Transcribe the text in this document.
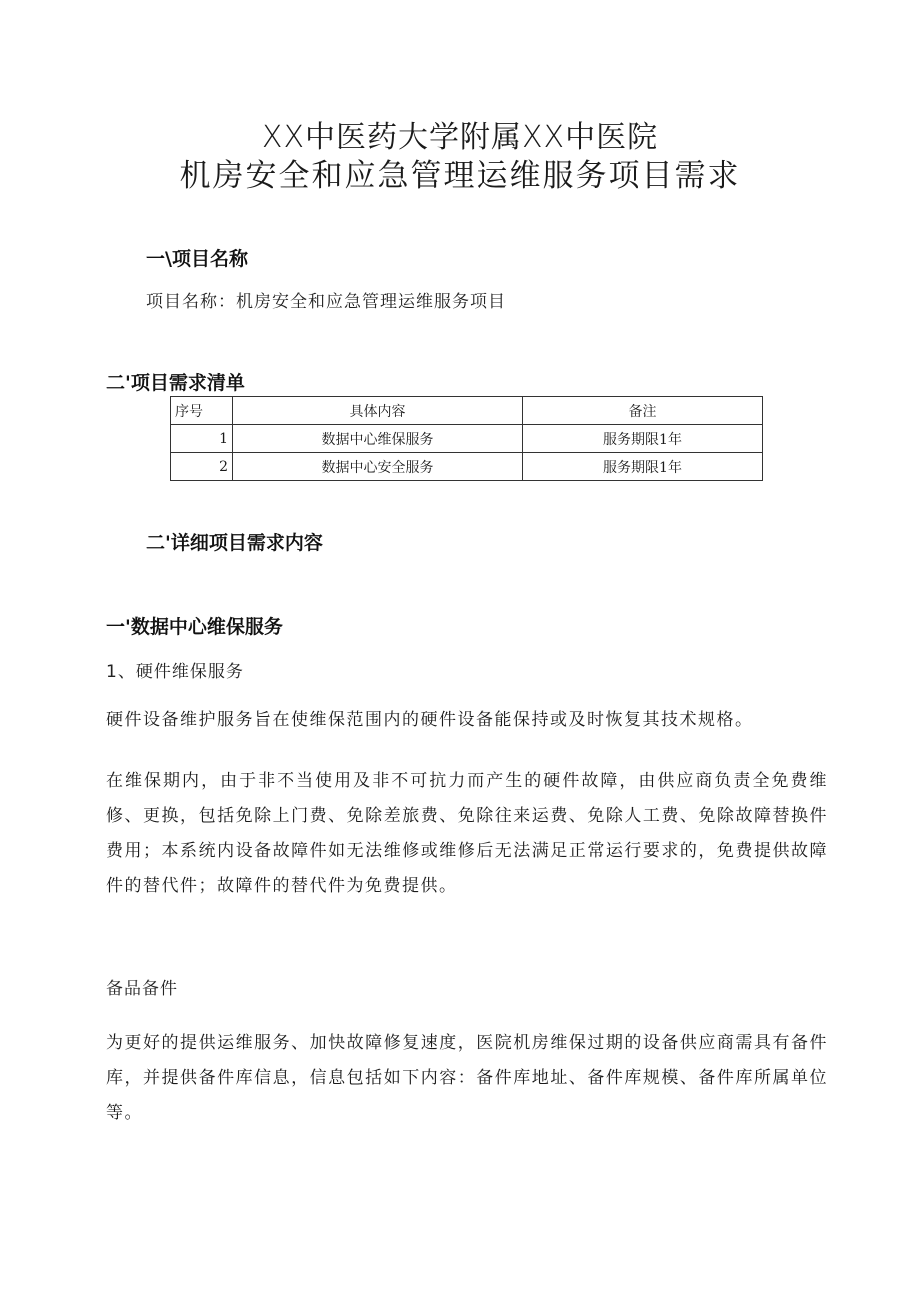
XX中医药大学附属XX中医院
机房安全和应急管理运维服务项目需求
一\项目名称
项目名称：机房安全和应急管理运维服务项目
二'项目需求清单
序号	具体内容	备注
1	数据中心维保服务	服务期限1年
2	数据中心安全服务	服务期限1年
二'详细项目需求内容
一'数据中心维保服务
1、硬件维保服务
硬件设备维护服务旨在使维保范围内的硬件设备能保持或及时恢复其技术规格。
在维保期内，由于非不当使用及非不可抗力而产生的硬件故障，由供应商负责全免费维修、更换，包括免除上门费、免除差旅费、免除往来运费、免除人工费、免除故障替换件费用；本系统内设备故障件如无法维修或维修后无法满足正常运行要求的，免费提供故障件的替代件；故障件的替代件为免费提供。
备品备件
为更好的提供运维服务、加快故障修复速度，医院机房维保过期的设备供应商需具有备件库，并提供备件库信息，信息包括如下内容：备件库地址、备件库规模、备件库所属单位等。
